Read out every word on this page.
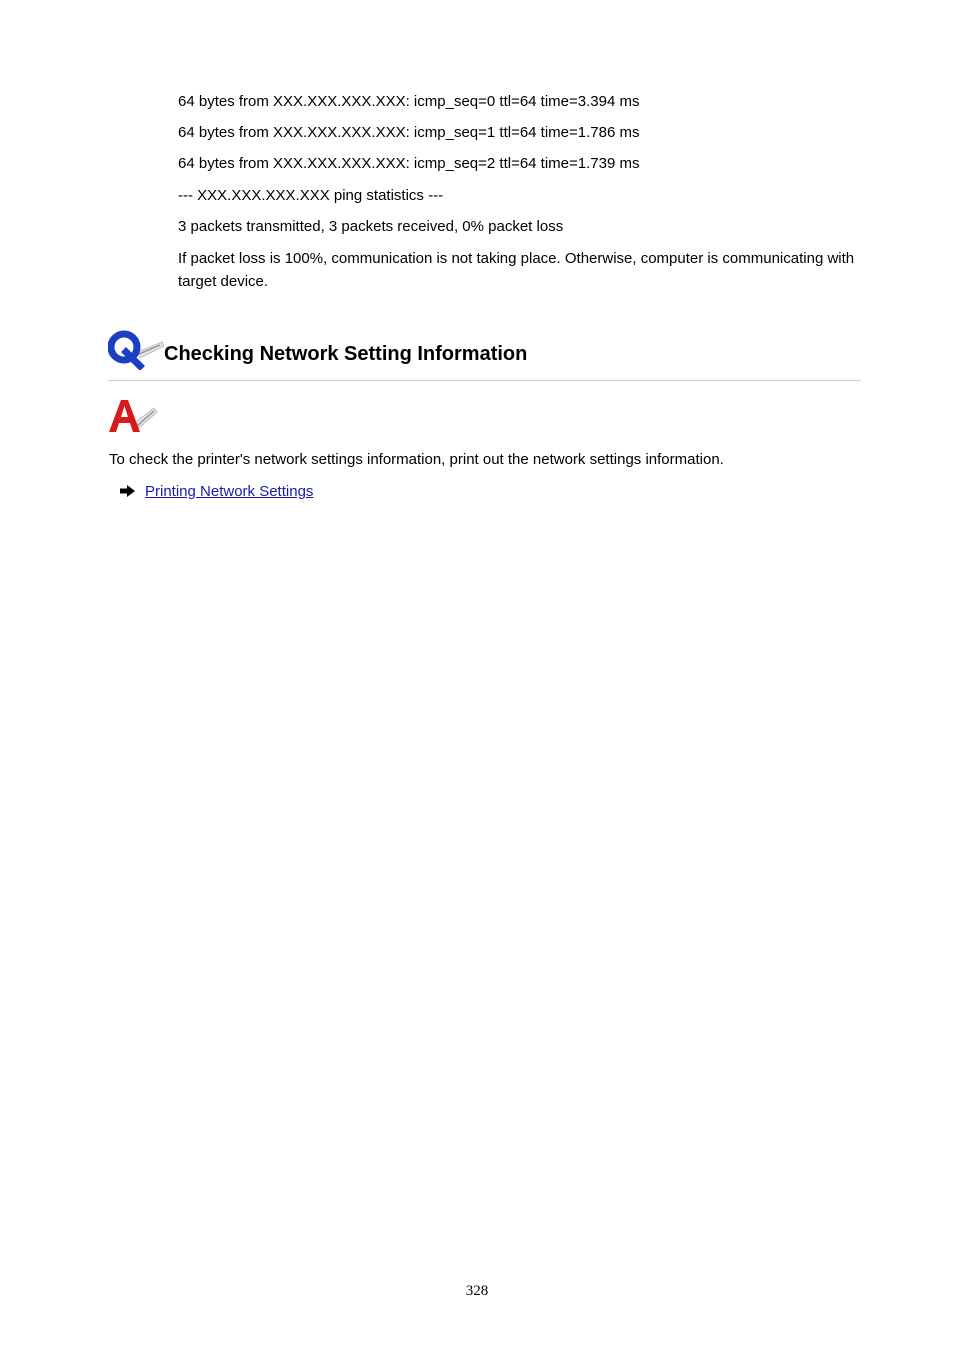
64 bytes from XXX.XXX.XXX.XXX: icmp_seq=0 ttl=64 time=3.394 ms
64 bytes from XXX.XXX.XXX.XXX: icmp_seq=1 ttl=64 time=1.786 ms
64 bytes from XXX.XXX.XXX.XXX: icmp_seq=2 ttl=64 time=1.739 ms
--- XXX.XXX.XXX.XXX ping statistics ---
3 packets transmitted, 3 packets received, 0% packet loss
If packet loss is 100%, communication is not taking place. Otherwise, computer is communicating with target device.
Checking Network Setting Information
To check the printer's network settings information, print out the network settings information.
Printing Network Settings
328
